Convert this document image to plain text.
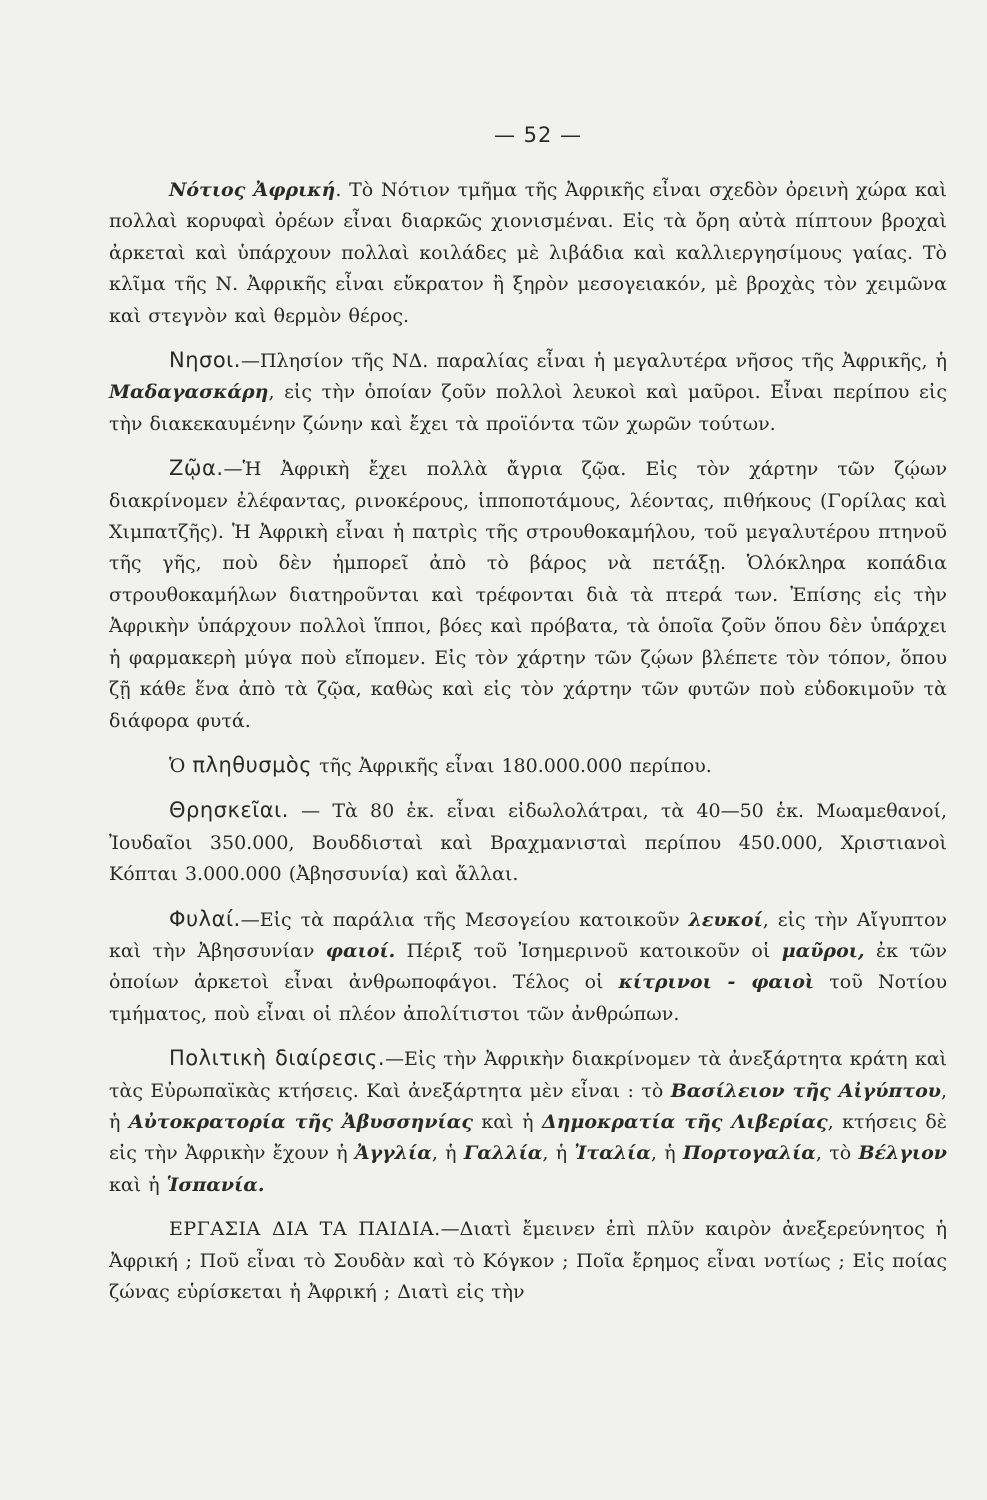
— 52 —

Νότιος Ἀφρική. Τὸ Νότιον τμῆμα τῆς Ἀφρικῆς εἶναι σχεδὸν ὀρεινὴ χώρα καὶ πολλαὶ κορυφαὶ ὀρέων εἶναι διαρκῶς χιονισμέναι. Εἰς τὰ ὄρη αὐτὰ πίπτουν βροχαὶ ἀρκεταὶ καὶ ὑπάρχουν πολλαὶ κοιλάδες μὲ λιβάδια καὶ καλλιεργησίμους γαίας. Τὸ κλῖμα τῆς Ν. Ἀφρικῆς εἶναι εὔκρατον ἢ ξηρὸν μεσογειακόν, μὲ βροχὰς τὸν χειμῶνα καὶ στεγνὸν καὶ θερμὸν θέρος.

Νησοι.—Πλησίον τῆς ΝΔ. παραλίας εἶναι ἡ μεγαλυτέρα νῆσος τῆς Ἀφρικῆς, ἡ Μαδαγασκάρη, εἰς τὴν ὁποίαν ζοῦν πολλοὶ λευκοὶ καὶ μαῦροι. Εἶναι περίπου εἰς τὴν διακεκαυμένην ζώνην καὶ ἔχει τὰ προϊόντα τῶν χωρῶν τούτων.

Ζῷα.—Ἡ Ἀφρικὴ ἔχει πολλὰ ἄγρια ζῷα. Εἰς τὸν χάρτην τῶν ζῴων διακρίνομεν ἐλέφαντας, ρινοκέρους, ἱπποποτάμους, λέοντας, πιθήκους (Γορίλας καὶ Χιμπατζῆς). Ἡ Ἀφρικὴ εἶναι ἡ πατρὶς τῆς στρουθοκαμήλου, τοῦ μεγαλυτέρου πτηνοῦ τῆς γῆς, ποὺ δὲν ἠμπορεῖ ἀπὸ τὸ βάρος νὰ πετάξῃ. Ὁλόκληρα κοπάδια στρουθοκαμήλων διατηροῦνται καὶ τρέφονται διὰ τὰ πτερά των. Ἐπίσης εἰς τὴν Ἀφρικὴν ὑπάρχουν πολλοὶ ἵπποι, βόες καὶ πρόβατα, τὰ ὁποῖα ζοῦν ὅπου δὲν ὑπάρχει ἡ φαρμακερὴ μύγα ποὺ εἴπομεν. Εἰς τὸν χάρτην τῶν ζῴων βλέπετε τὸν τόπον, ὅπου ζῇ κάθε ἕνα ἀπὸ τὰ ζῷα, καθὼς καὶ εἰς τὸν χάρτην τῶν φυτῶν ποὺ εὐδοκιμοῦν τὰ διάφορα φυτά.

Ὁ πληθυσμὸς τῆς Ἀφρικῆς εἶναι 180.000.000 περίπου.

Θρησκεῖαι. — Τὰ 80 ἑκ. εἶναι εἰδωλολάτραι, τὰ 40—50 ἑκ. Μωαμεθανοί, Ἰουδαῖοι 350.000, Βουδδισταὶ καὶ Βραχμανισταὶ περίπου 450.000, Χριστιανοὶ Κόπται 3.000.000 (Ἀβησσυνία) καὶ ἄλλαι.

Φυλαί.—Εἰς τὰ παράλια τῆς Μεσογείου κατοικοῦν λευκοί, εἰς τὴν Αἴγυπτον καὶ τὴν Ἀβησσυνίαν φαιοί. Πέριξ τοῦ Ἰσημερινοῦ κατοικοῦν οἱ μαῦροι, ἐκ τῶν ὁποίων ἀρκετοὶ εἶναι ἀνθρωποφάγοι. Τέλος οἱ κίτρινοι - φαιοὶ τοῦ Νοτίου τμήματος, ποὺ εἶναι οἱ πλέον ἀπολίτιστοι τῶν ἀνθρώπων.

Πολιτικὴ διαίρεσις.—Εἰς τὴν Ἀφρικὴν διακρίνομεν τὰ ἀνεξάρτητα κράτη καὶ τὰς Εὐρωπαϊκὰς κτήσεις. Καὶ ἀνεξάρτητα μὲν εἶναι : τὸ Βασίλειον τῆς Αἰγύπτου, ἡ Αὐτοκρατορία τῆς Ἀβυσσηνίας καὶ ἡ Δημοκρατία τῆς Λιβερίας, κτήσεις δὲ εἰς τὴν Ἀφρικὴν ἔχουν ἡ Ἀγγλία, ἡ Γαλλία, ἡ Ἰταλία, ἡ Πορτογαλία, τὸ Βέλγιον καὶ ἡ Ἱσπανία.

ΕΡΓΑΣΙΑ ΔΙΑ ΤΑ ΠΑΙΔΙΑ.—Διατὶ ἔμεινεν ἐπὶ πλῦν καιρὸν ἀνεξερεύνητος ἡ Ἀφρική ; Ποῦ εἶναι τὸ Σουδὰν καὶ τὸ Κόγκον ; Ποῖα ἔρημος εἶναι νοτίως ; Εἰς ποίας ζώνας εὑρίσκεται ἡ Ἀφρική ; Διατὶ εἰς τὴν
